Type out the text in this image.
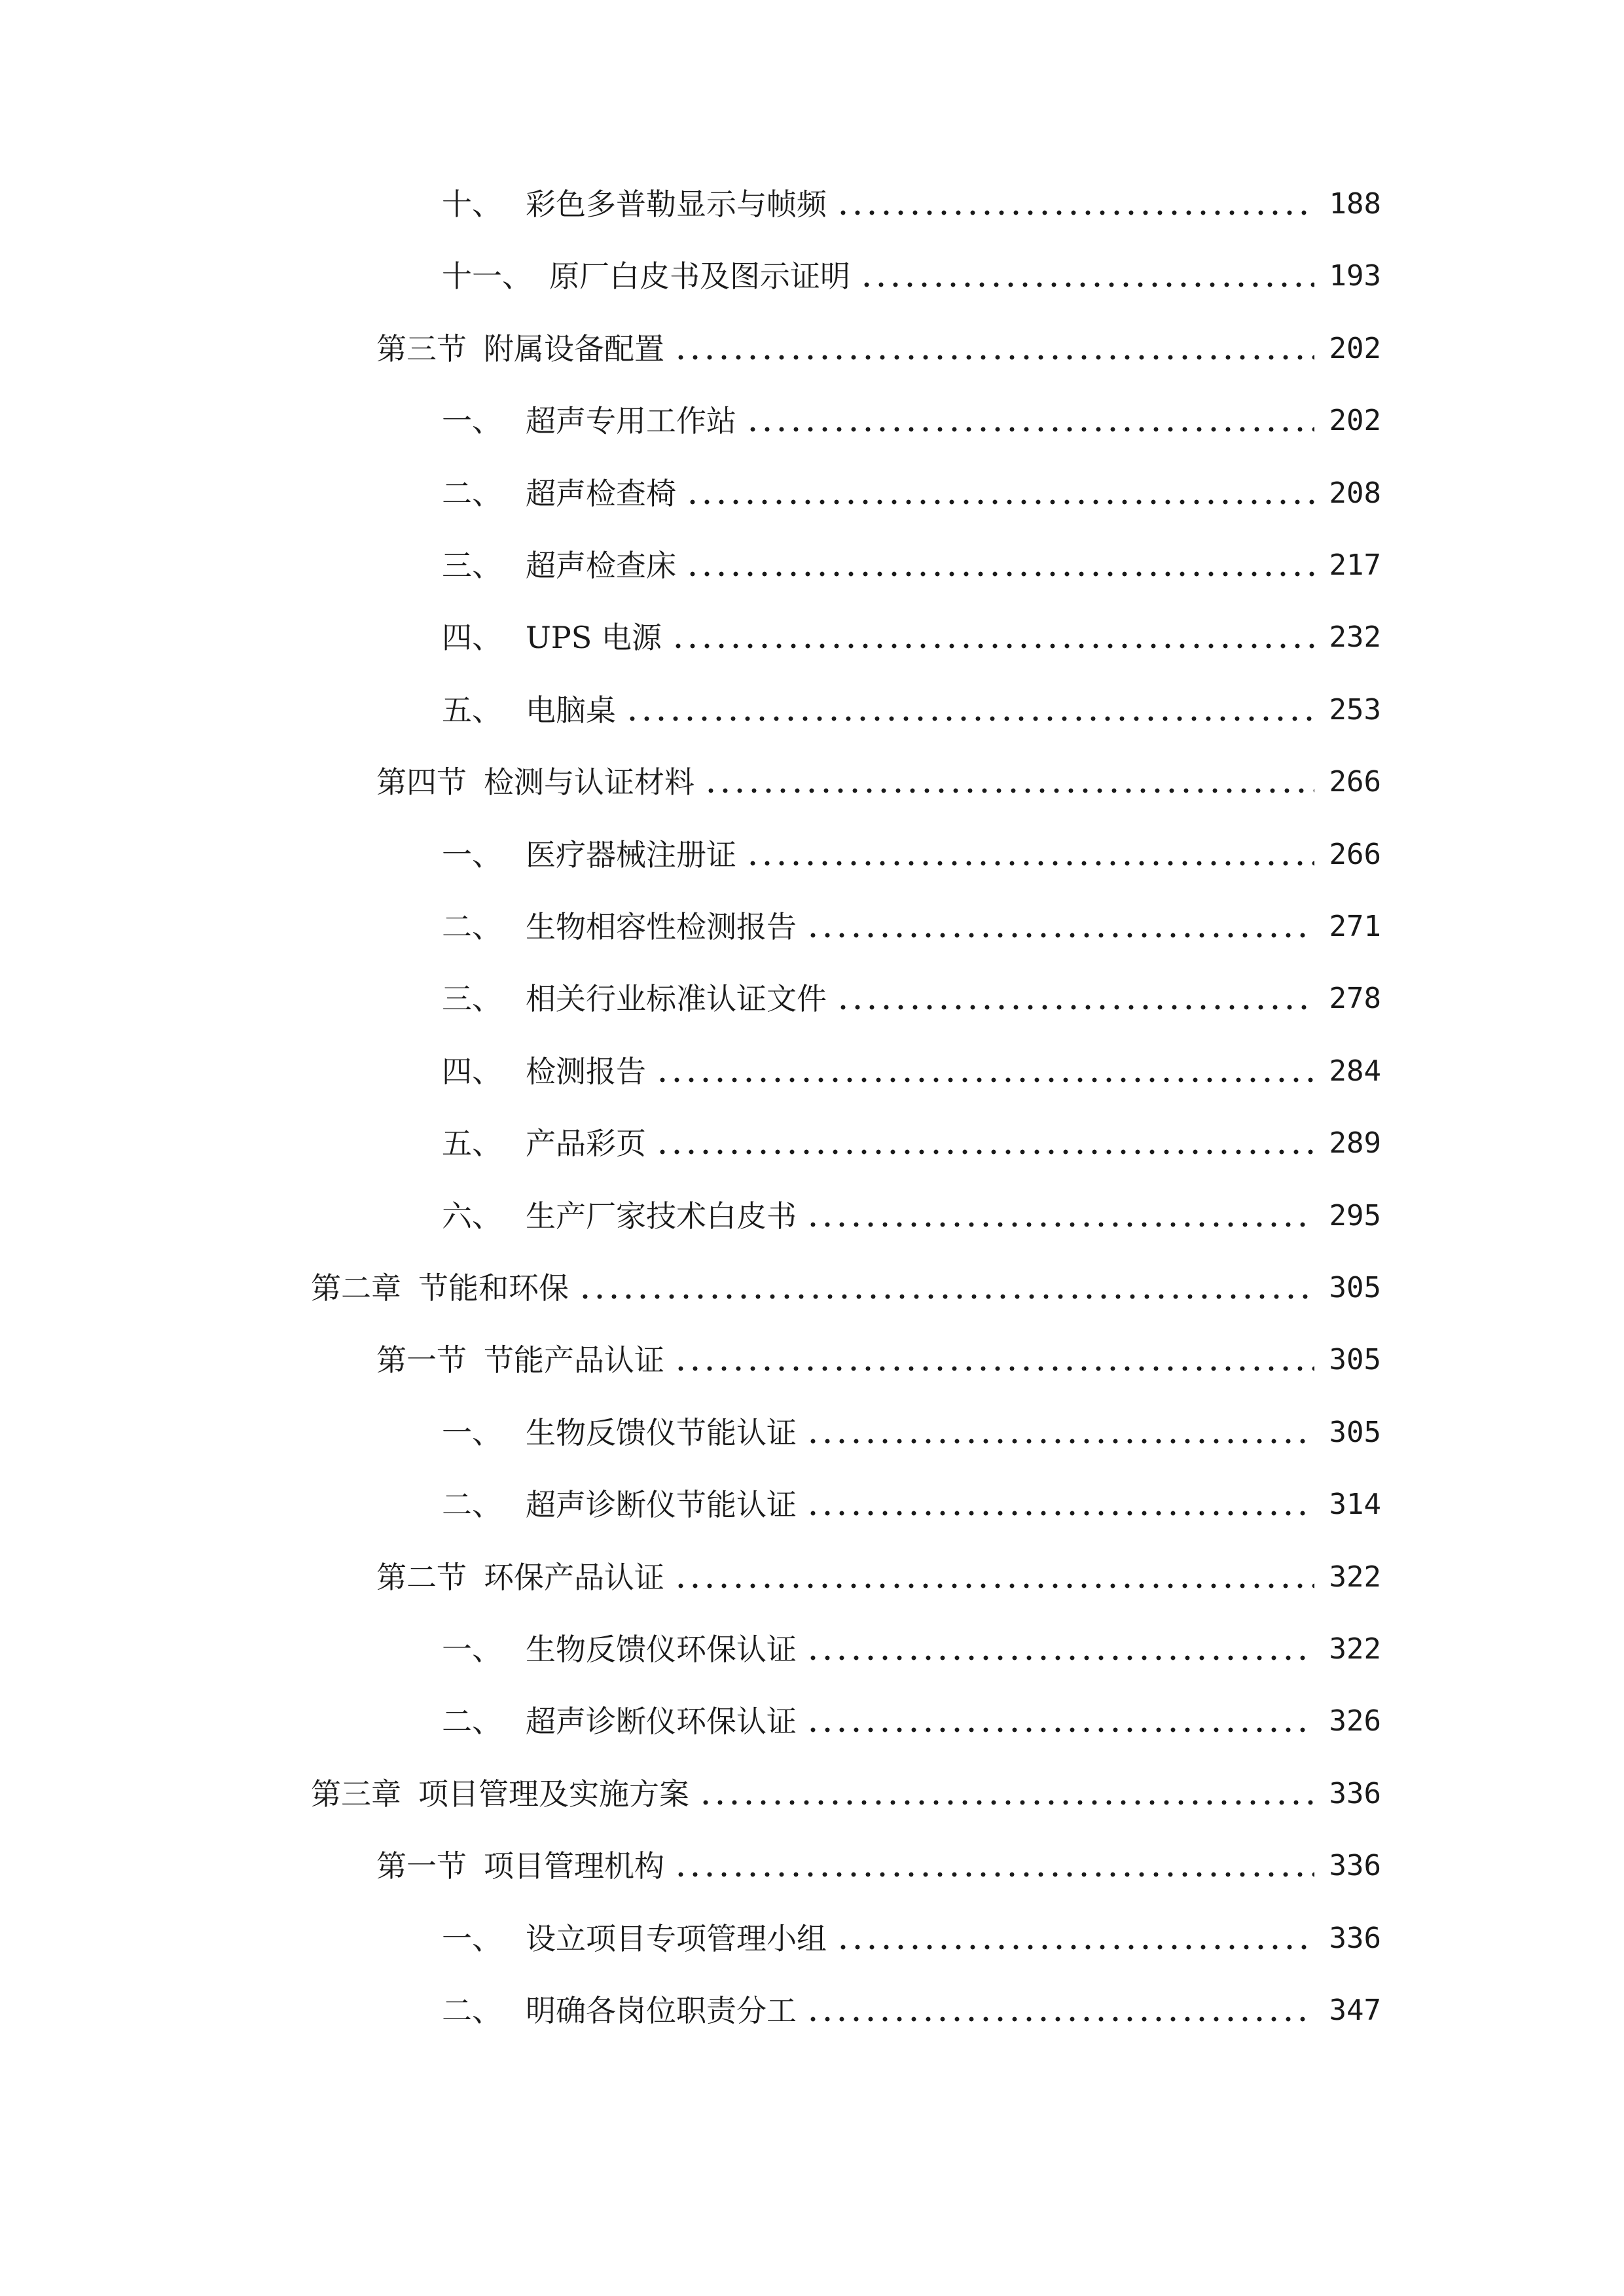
十、 彩色多普勒显示与帧频	188
十一、 原厂白皮书及图示证明	193
第三节 附属设备配置	202
一、 超声专用工作站	202
二、 超声检查椅	208
三、 超声检查床	217
四、 UPS 电源	232
五、 电脑桌	253
第四节 检测与认证材料	266
一、 医疗器械注册证	266
二、 生物相容性检测报告	271
三、 相关行业标准认证文件	278
四、 检测报告	284
五、 产品彩页	289
六、 生产厂家技术白皮书	295
第二章 节能和环保	305
第一节 节能产品认证	305
一、 生物反馈仪节能认证	305
二、 超声诊断仪节能认证	314
第二节 环保产品认证	322
一、 生物反馈仪环保认证	322
二、 超声诊断仪环保认证	326
第三章 项目管理及实施方案	336
第一节 项目管理机构	336
一、 设立项目专项管理小组	336
二、 明确各岗位职责分工	347
